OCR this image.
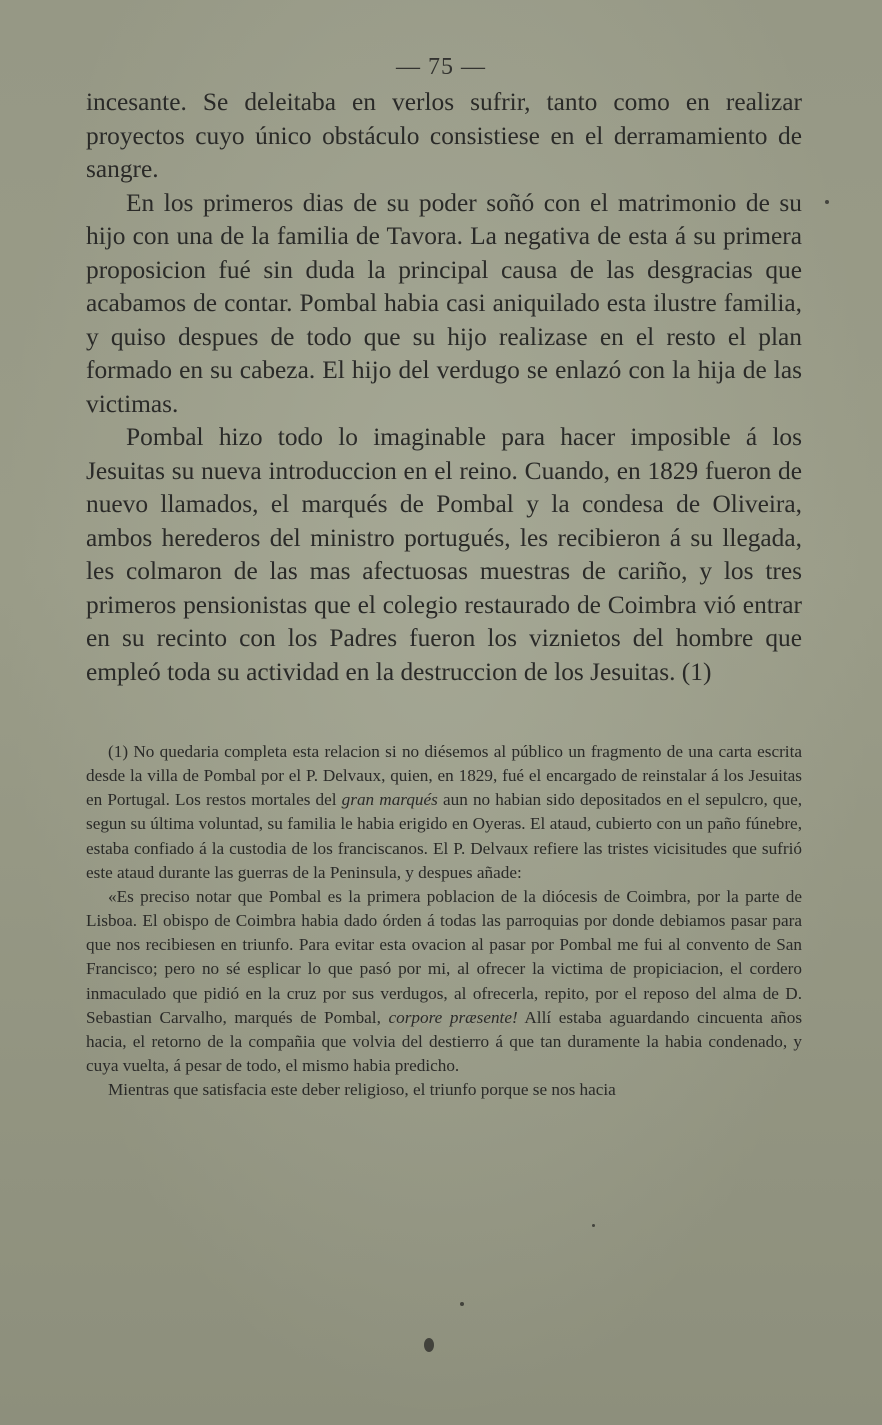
— 75 —

incesante. Se deleitaba en verlos sufrir, tanto como en realizar proyectos cuyo único obstáculo consistiese en el derramamiento de sangre.

En los primeros dias de su poder soñó con el matrimonio de su hijo con una de la familia de Tavora. La negativa de esta á su primera proposicion fué sin duda la principal causa de las desgracias que acabamos de contar. Pombal habia casi aniquilado esta ilustre familia, y quiso despues de todo que su hijo realizase en el resto el plan formado en su cabeza. El hijo del verdugo se enlazó con la hija de las victimas.

Pombal hizo todo lo imaginable para hacer imposible á los Jesuitas su nueva introduccion en el reino. Cuando, en 1829 fueron de nuevo llamados, el marqués de Pombal y la condesa de Oliveira, ambos herederos del ministro portugués, les recibieron á su llegada, les colmaron de las mas afectuosas muestras de cariño, y los tres primeros pensionistas que el colegio restaurado de Coimbra vió entrar en su recinto con los Padres fueron los viznietos del hombre que empleó toda su actividad en la destruccion de los Jesuitas. (1)

(1) No quedaria completa esta relacion si no diésemos al público un fragmento de una carta escrita desde la villa de Pombal por el P. Delvaux, quien, en 1829, fué el encargado de reinstalar á los Jesuitas en Portugal. Los restos mortales del gran marqués aun no habian sido depositados en el sepulcro, que, segun su última voluntad, su familia le habia erigido en Oyeras. El ataud, cubierto con un paño fúnebre, estaba confiado á la custodia de los franciscanos. El P. Delvaux refiere las tristes vicisitudes que sufrió este ataud durante las guerras de la Peninsula, y despues añade:

«Es preciso notar que Pombal es la primera poblacion de la diócesis de Coimbra, por la parte de Lisboa. El obispo de Coimbra habia dado órden á todas las parroquias por donde debiamos pasar para que nos recibiesen en triunfo. Para evitar esta ovacion al pasar por Pombal me fui al convento de San Francisco; pero no sé esplicar lo que pasó por mi, al ofrecer la victima de propiciacion, el cordero inmaculado que pidió en la cruz por sus verdugos, al ofrecerla, repito, por el reposo del alma de D. Sebastian Carvalho, marqués de Pombal, corpore præsente! Allí estaba aguardando cincuenta años hacia, el retorno de la compañia que volvia del destierro á que tan duramente la habia condenado, y cuya vuelta, á pesar de todo, el mismo habia predicho.

Mientras que satisfacia este deber religioso, el triunfo porque se nos hacia
